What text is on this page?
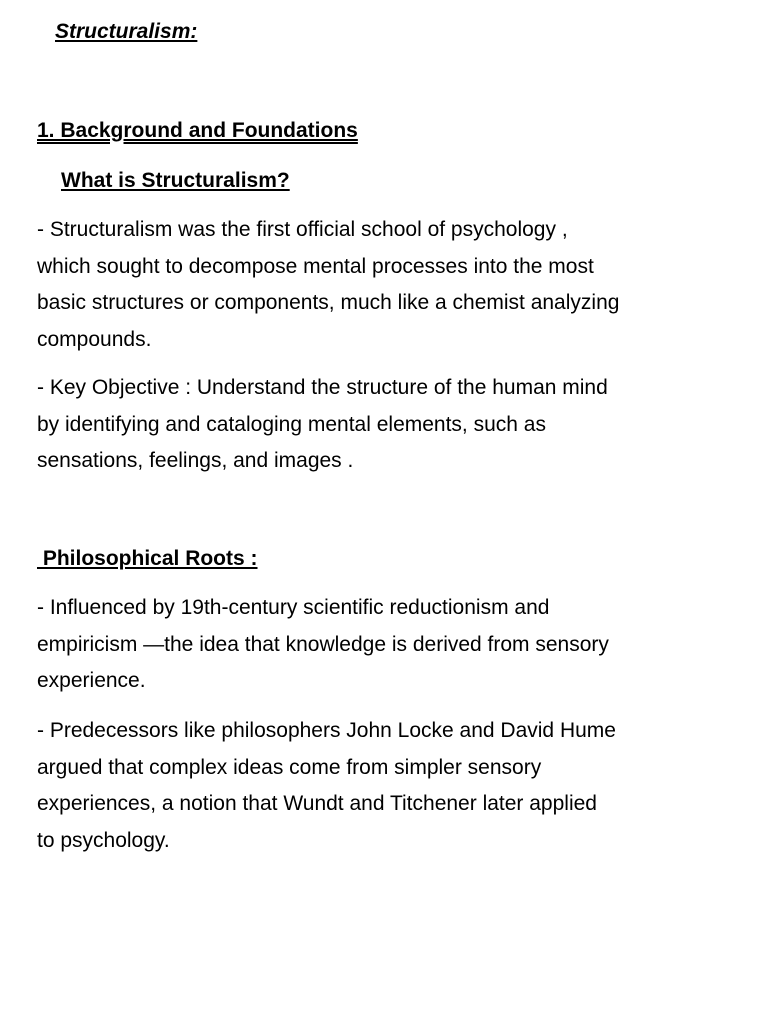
Structuralism:
1. Background and Foundations
What is Structuralism?

- Structuralism was the first official school of psychology ,
which sought to decompose mental processes into the most
basic structures or components, much like a chemist analyzing
compounds.

- Key Objective : Understand the structure of the human mind
by identifying and cataloging mental elements, such as
sensations, feelings, and images .

Philosophical Roots :

- Influenced by 19th-century scientific reductionism and
empiricism —the idea that knowledge is derived from sensory
experience.

- Predecessors like philosophers John Locke and David Hume
argued that complex ideas come from simpler sensory
experiences, a notion that Wundt and Titchener later applied
to psychology.
